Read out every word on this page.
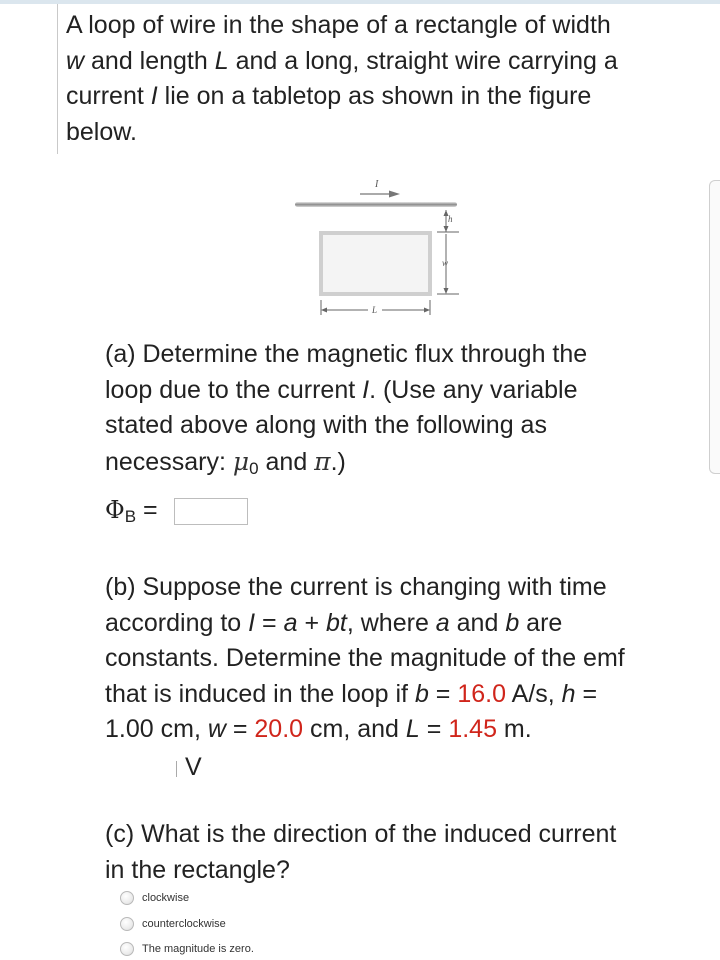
A loop of wire in the shape of a rectangle of width
w and length L and a long, straight wire carrying a
current I lie on a tabletop as shown in the figure
below.
I
h
w
L
(a) Determine the magnetic flux through the
loop due to the current I. (Use any variable
stated above along with the following as
necessary: $\mu_0$ and π.)
ΦB =
(b) Suppose the current is changing with time
according to I = a + bt, where a and b are
constants. Determine the magnitude of the emf
that is induced in the loop if b = 16.0 A/s, h =
1.00 cm, w = 20.0 cm, and L = 1.45 m.
V
(c) What is the direction of the induced current
in the rectangle?
clockwise
counterclockwise
The magnitude is zero.
